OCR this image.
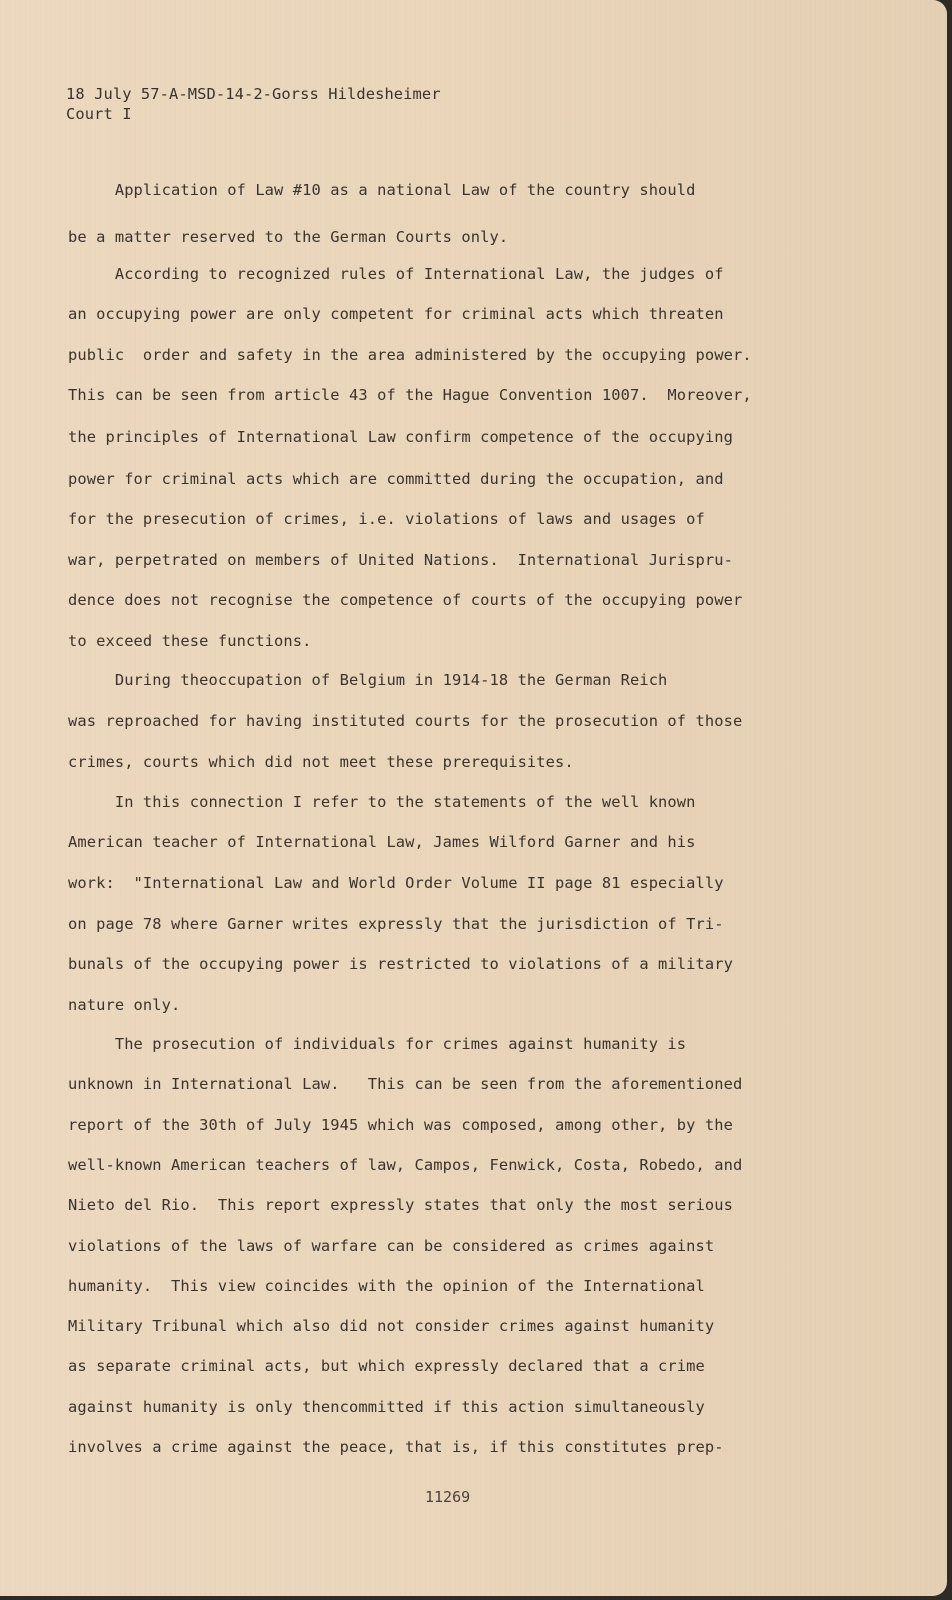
18 July 57-A-MSD-14-2-Gorss Hildesheimer
Court I
Application of Law #10 as a national Law of the country should
be a matter reserved to the German Courts only.
According to recognized rules of International Law, the judges of
an occupying power are only competent for criminal acts which threaten
public  order and safety in the area administered by the occupying power.
This can be seen from article 43 of the Hague Convention 1007.  Moreover,
the principles of International Law confirm competence of the occupying
power for criminal acts which are committed during the occupation, and
for the presecution of crimes, i.e. violations of laws and usages of
war, perpetrated on members of United Nations.  International Jurispru-
dence does not recognise the competence of courts of the occupying power
to exceed these functions.
During theoccupation of Belgium in 1914-18 the German Reich
was reproached for having instituted courts for the prosecution of those
crimes, courts which did not meet these prerequisites.
In this connection I refer to the statements of the well known
American teacher of International Law, James Wilford Garner and his
work:  "International Law and World Order Volume II page 81 especially
on page 78 where Garner writes expressly that the jurisdiction of Tri-
bunals of the occupying power is restricted to violations of a military
nature only.
The prosecution of individuals for crimes against humanity is
unknown in International Law.   This can be seen from the aforementioned
report of the 30th of July 1945 which was composed, among other, by the
well-known American teachers of law, Campos, Fenwick, Costa, Robedo, and
Nieto del Rio.  This report expressly states that only the most serious
violations of the laws of warfare can be considered as crimes against
humanity.  This view coincides with the opinion of the International
Military Tribunal which also did not consider crimes against humanity
as separate criminal acts, but which expressly declared that a crime
against humanity is only thencommitted if this action simultaneously
involves a crime against the peace, that is, if this constitutes prep-
11269
